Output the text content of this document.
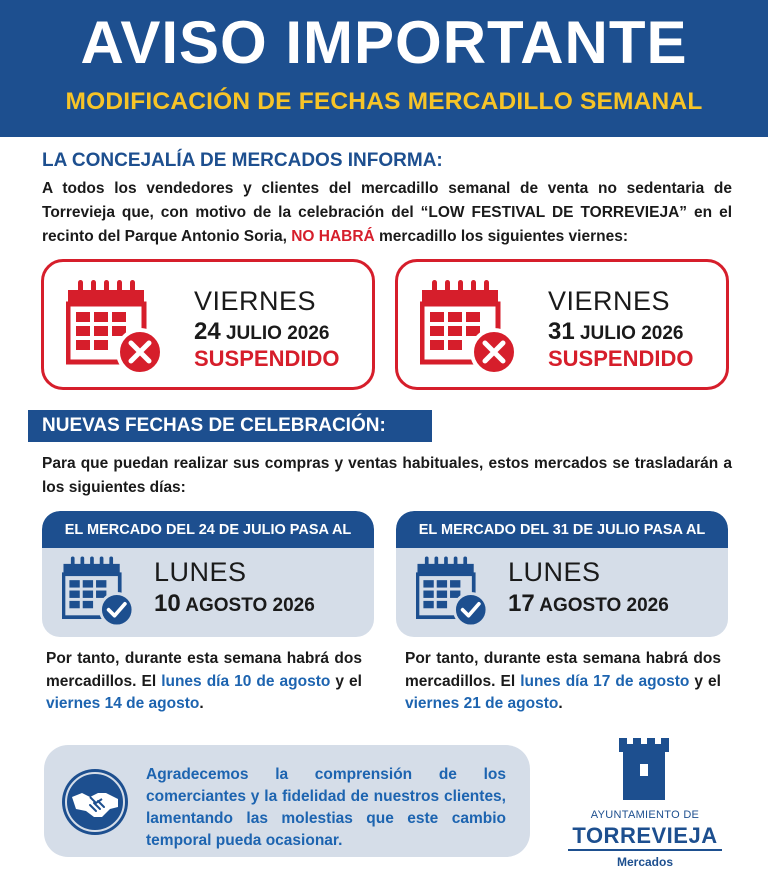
AVISO IMPORTANTE
MODIFICACIÓN DE FECHAS MERCADILLO SEMANAL
LA CONCEJALÍA DE MERCADOS INFORMA:

A todos los vendedores y clientes del mercadillo semanal de venta no sedentaria de Torrevieja que, con motivo de la celebración del “LOW FESTIVAL DE TORREVIEJA” en el recinto del Parque Antonio Soria, NO HABRÁ mercadillo los siguientes viernes:

VIERNES
24 JULIO 2026
SUSPENDIDO
VIERNES
31 JULIO 2026
SUSPENDIDO
NUEVAS FECHAS DE CELEBRACIÓN:

Para que puedan realizar sus compras y ventas habituales, estos mercados se trasladarán a los siguientes días:

EL MERCADO DEL 24 DE JULIO PASA AL
LUNES
10 AGOSTO 2026
EL MERCADO DEL 31 DE JULIO PASA AL
LUNES
17 AGOSTO 2026

Por tanto, durante esta semana habrá dos mercadillos. El lunes día 10 de agosto y el viernes 14 de agosto.

Por tanto, durante esta semana habrá dos mercadillos. El lunes día 17 de agosto y el viernes 21 de agosto.

Agradecemos la comprensión de los comerciantes y la fidelidad de nuestros clientes, lamentando las molestias que este cambio temporal pueda ocasionar.

AYUNTAMIENTO DE
TORREVIEJA
Mercados
